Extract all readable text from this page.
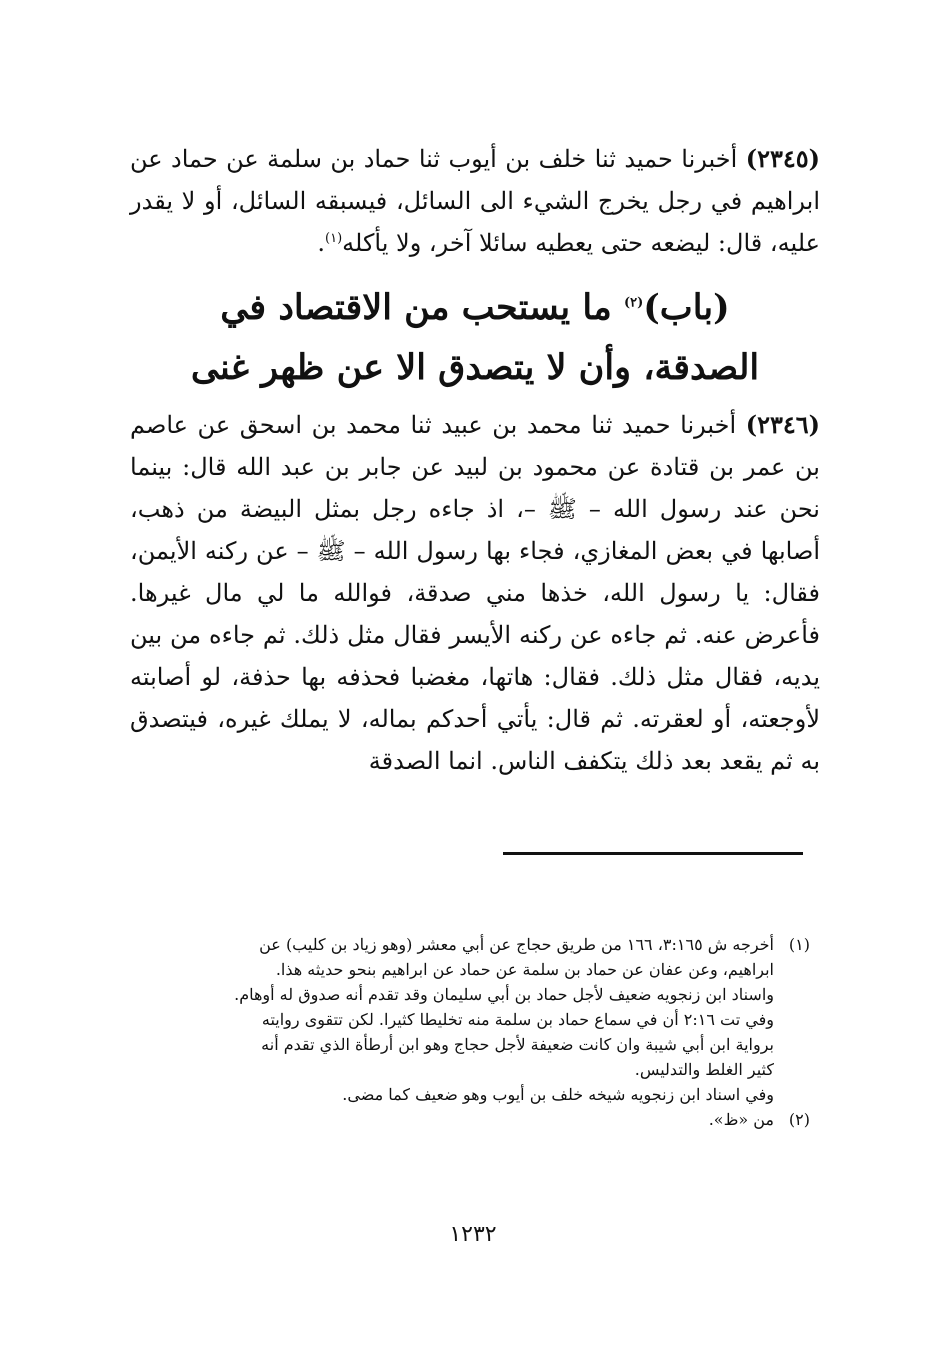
(٢٣٤٥) أخبرنا حميد ثنا خلف بن أيوب ثنا حماد بن سلمة عن حماد عن ابراهيم في رجل يخرج الشيء الى السائل، فيسبقه السائل، أو لا يقدر عليه، قال: ليضعه حتى يعطيه سائلا آخر، ولا يأكله$^{(١)}$.

(باب)$^{(٢)}$ ما يستحب من الاقتصاد في
الصدقة، وأن لا يتصدق الا عن ظهر غنى

(٢٣٤٦) أخبرنا حميد ثنا محمد بن عبيد ثنا محمد بن اسحق عن عاصم بن عمر بن قتادة عن محمود بن لبيد عن جابر بن عبد الله قال: بينما نحن عند رسول الله – ﷺ –، اذ جاءه رجل بمثل البيضة من ذهب، أصابها في بعض المغازي، فجاء بها رسول الله – ﷺ – عن ركنه الأيمن، فقال: يا رسول الله، خذها مني صدقة، فوالله ما لي مال غيرها. فأعرض عنه. ثم جاءه عن ركنه الأيسر فقال مثل ذلك. ثم جاءه من بين يديه، فقال مثل ذلك. فقال: هاتها، مغضبا فحذفه بها حذفة، لو أصابته لأوجعته، أو لعقرته. ثم قال: يأتي أحدكم بماله، لا يملك غيره، فيتصدق به ثم يقعد بعد ذلك يتكفف الناس. انما الصدقة

(١)
أخرجه ش ٣:١٦٥، ١٦٦ من طريق حجاج عن أبي معشر (وهو زياد بن كليب) عن
ابراهيم، وعن عفان عن حماد بن سلمة عن حماد عن ابراهيم بنحو حديثه هذا.
واسناد ابن زنجويه ضعيف لأجل حماد بن أبي سليمان وقد تقدم أنه صدوق له أوهام.
وفي تت ٢:١٦ أن في سماع حماد بن سلمة منه تخليطا كثيرا. لكن تتقوى روايته
برواية ابن أبي شيبة وان كانت ضعيفة لأجل حجاج وهو ابن أرطأة الذي تقدم أنه
كثير الغلط والتدليس.
وفي اسناد ابن زنجويه شيخه خلف بن أيوب وهو ضعيف كما مضى.
(٢)
من «ظ».
١٢٣٢
